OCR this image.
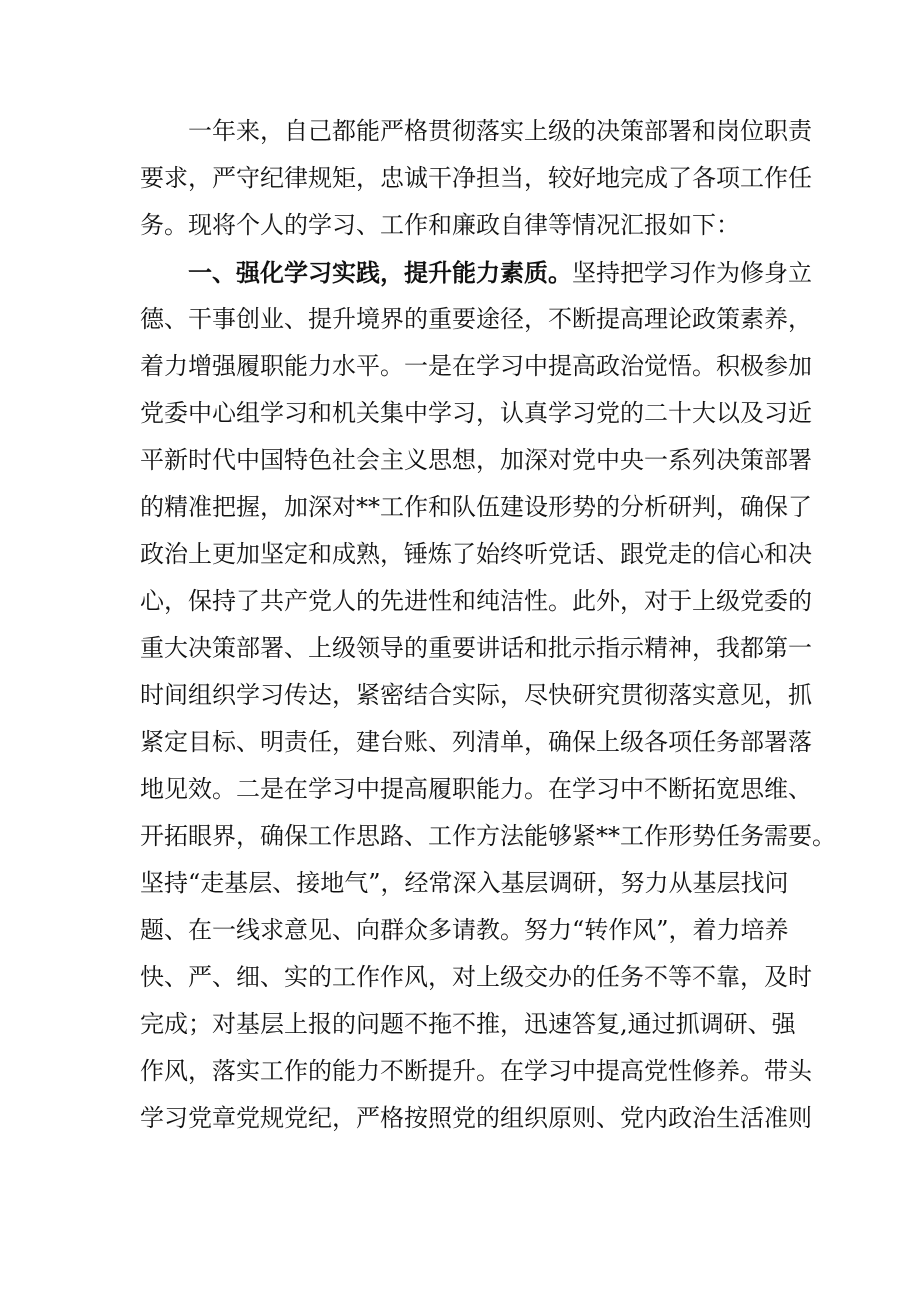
一年来，自己都能严格贯彻落实上级的决策部署和岗位职责
要求，严守纪律规矩，忠诚干净担当，较好地完成了各项工作任
务。现将个人的学习、工作和廉政自律等情况汇报如下：
一、强化学习实践，提升能力素质。坚持把学习作为修身立
德、干事创业、提升境界的重要途径，不断提高理论政策素养，
着力增强履职能力水平。一是在学习中提高政治觉悟。积极参加
党委中心组学习和机关集中学习，认真学习党的二十大以及习近
平新时代中国特色社会主义思想，加深对党中央一系列决策部署
的精准把握，加深对**工作和队伍建设形势的分析研判，确保了
政治上更加坚定和成熟，锤炼了始终听党话、跟党走的信心和决
心，保持了共产党人的先进性和纯洁性。此外，对于上级党委的
重大决策部署、上级领导的重要讲话和批示指示精神，我都第一
时间组织学习传达，紧密结合实际，尽快研究贯彻落实意见，抓
紧定目标、明责任，建台账、列清单，确保上级各项任务部署落
地见效。二是在学习中提高履职能力。在学习中不断拓宽思维、
开拓眼界，确保工作思路、工作方法能够紧**工作形势任务需要。
坚持“走基层、接地气”，经常深入基层调研，努力从基层找问
题、在一线求意见、向群众多请教。努力“转作风”，着力培养
快、严、细、实的工作作风，对上级交办的任务不等不靠，及时
完成；对基层上报的问题不拖不推，迅速答复,通过抓调研、强
作风，落实工作的能力不断提升。在学习中提高党性修养。带头
学习党章党规党纪，严格按照党的组织原则、党内政治生活准则
